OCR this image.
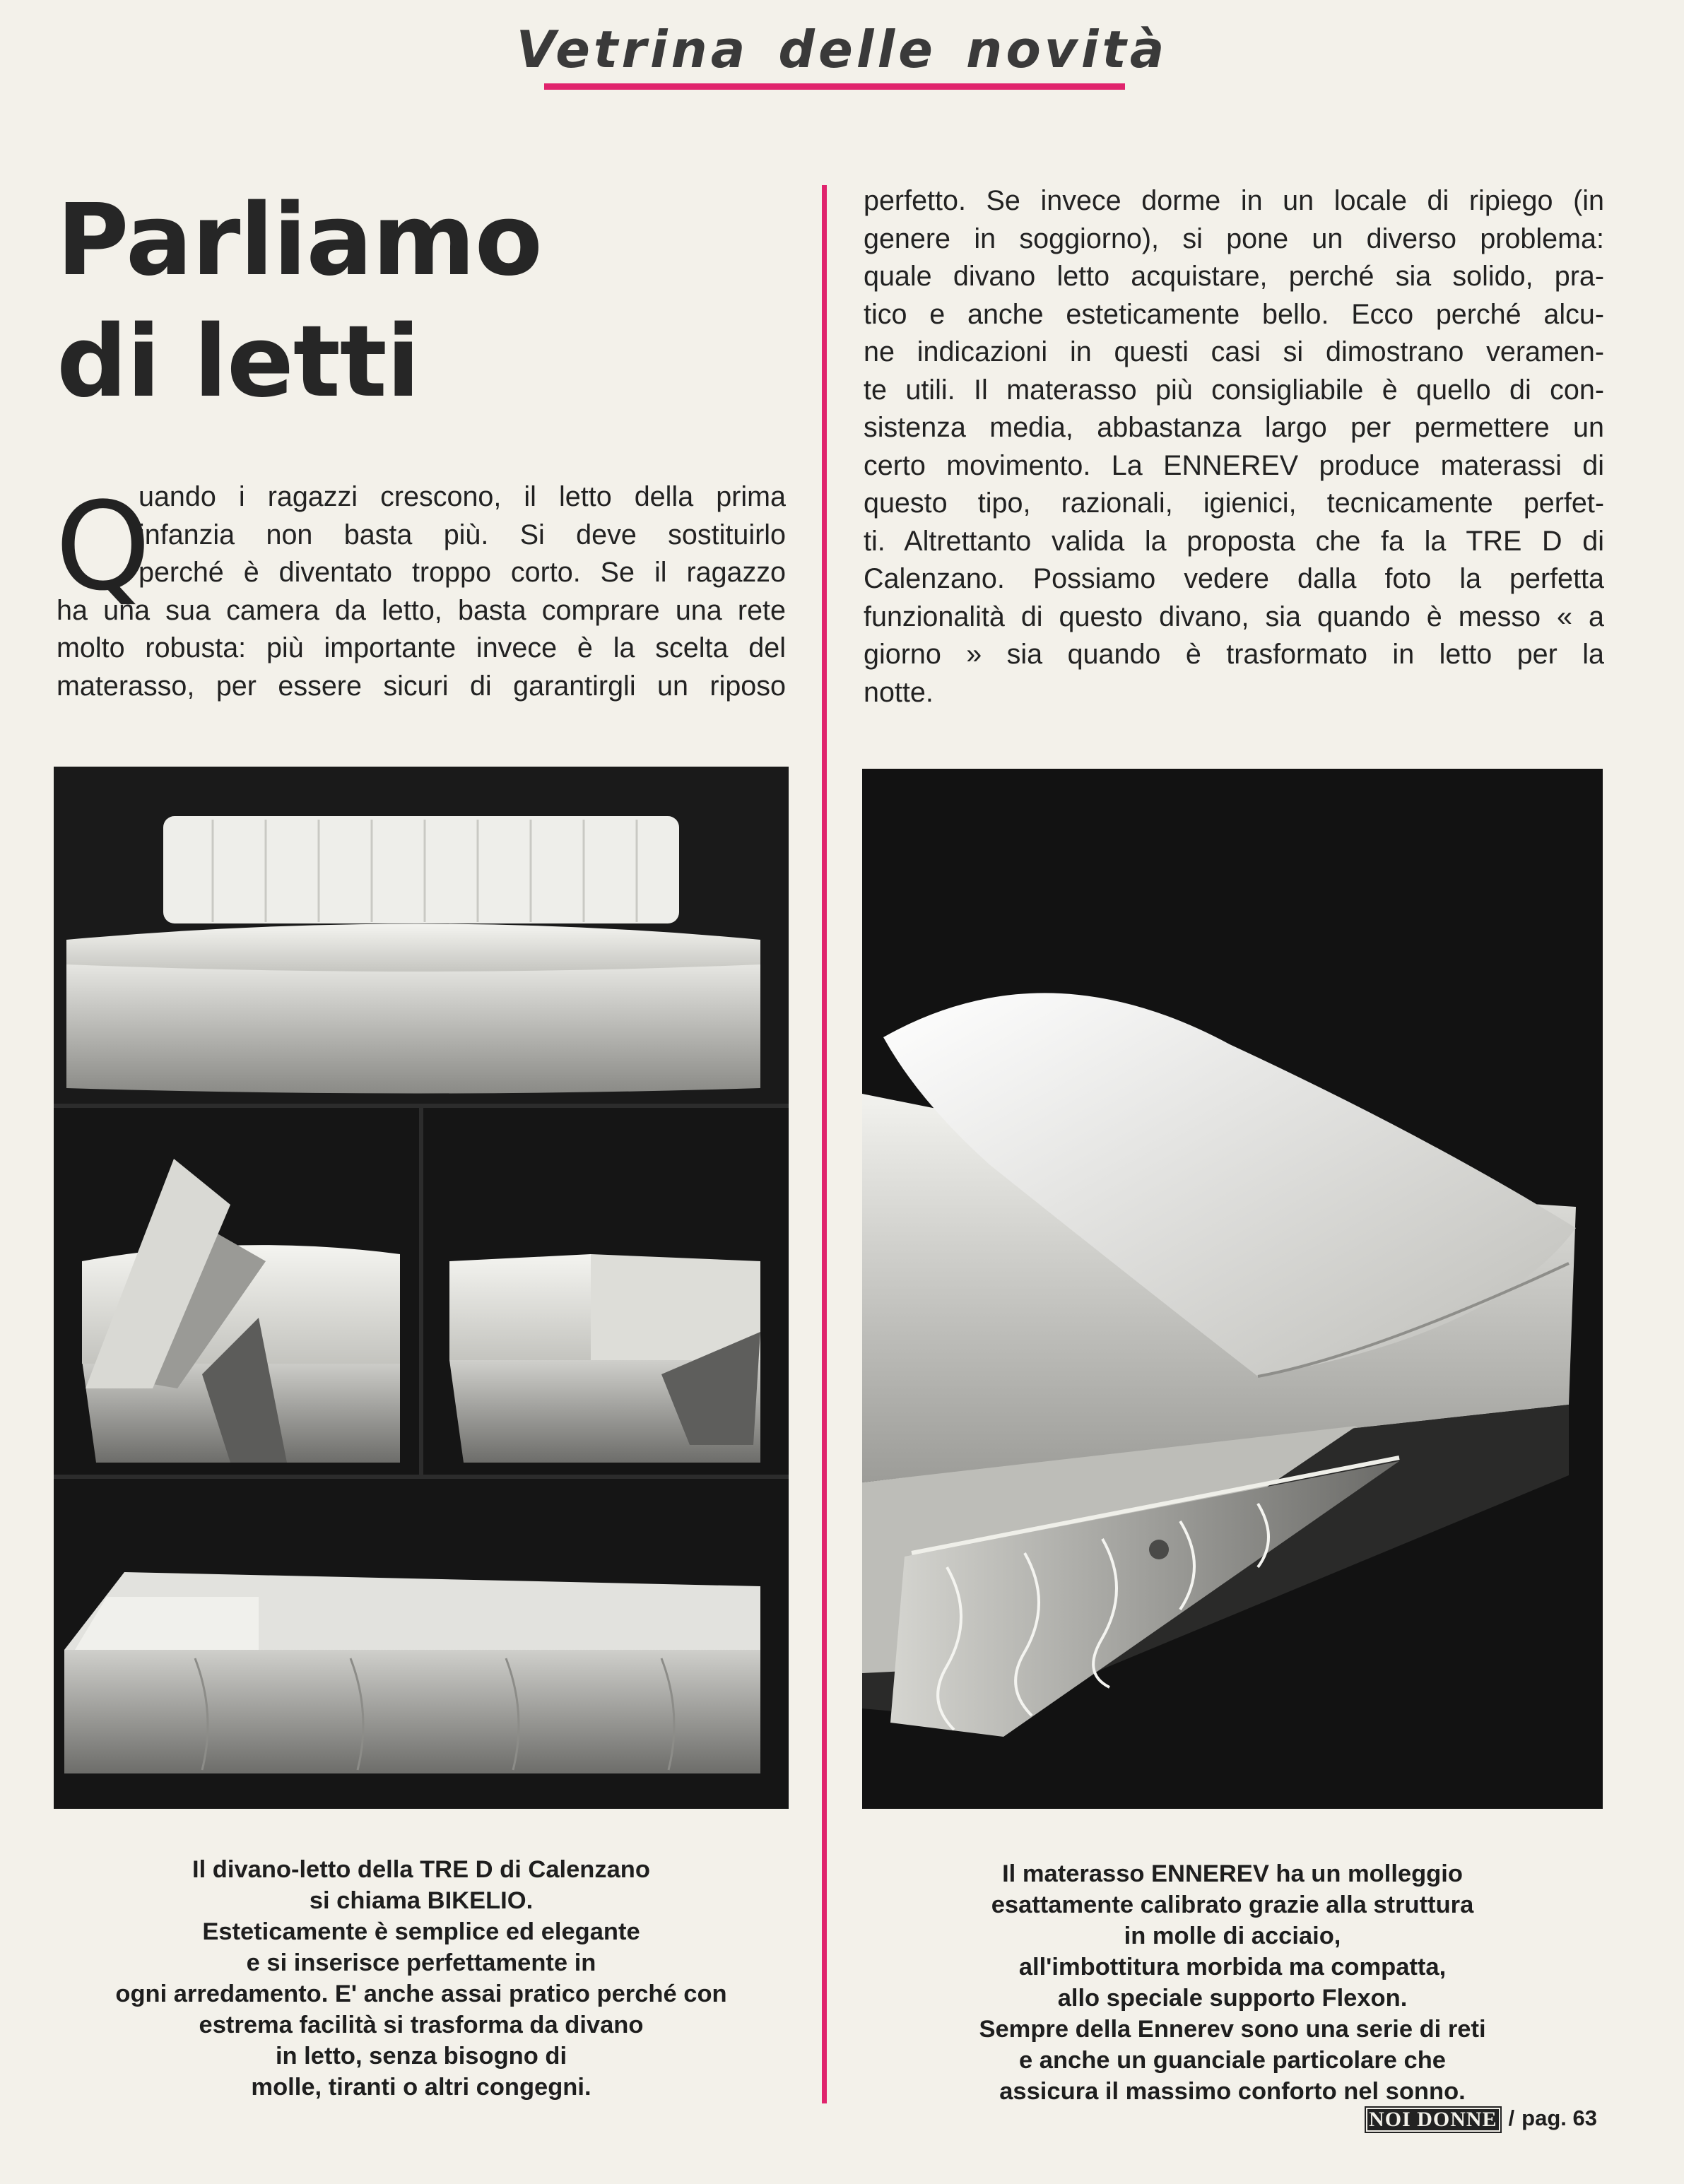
Vetrina delle novità
Parliamo
di letti
Q
uando i ragazzi crescono, il letto della prima
infanzia non basta più. Si deve sostituirlo
perché è diventato troppo corto. Se il ragazzo
ha una sua camera da letto, basta comprare una rete
molto robusta: più importante invece è la scelta del
materasso, per essere sicuri di garantirgli un riposo
perfetto. Se invece dorme in un locale di ripiego (in
genere in soggiorno), si pone un diverso problema:
quale divano letto acquistare, perché sia solido, pra-
tico e anche esteticamente bello. Ecco perché alcu-
ne indicazioni in questi casi si dimostrano veramen-
te utili. Il materasso più consigliabile è quello di con-
sistenza media, abbastanza largo per permettere un
certo movimento. La ENNEREV produce materassi di
questo tipo, razionali, igienici, tecnicamente perfet-
ti. Altrettanto valida la proposta che fa la TRE D di
Calenzano. Possiamo vedere dalla foto la perfetta
funzionalità di questo divano, sia quando è messo « a
giorno » sia quando è trasformato in letto per la
notte.
Il divano-letto della TRE D di Calenzano
si chiama BIKELIO.
Esteticamente è semplice ed elegante
e si inserisce perfettamente in
ogni arredamento. E' anche assai pratico perché con
estrema facilità si trasforma da divano
in letto, senza bisogno di
molle, tiranti o altri congegni.
Il materasso ENNEREV ha un molleggio
esattamente calibrato grazie alla struttura
in molle di acciaio,
all'imbottitura morbida ma compatta,
allo speciale supporto Flexon.
Sempre della Ennerev sono una serie di reti
e anche un guanciale particolare che
assicura il massimo conforto nel sonno.
NOI DONNE / pag. 63
